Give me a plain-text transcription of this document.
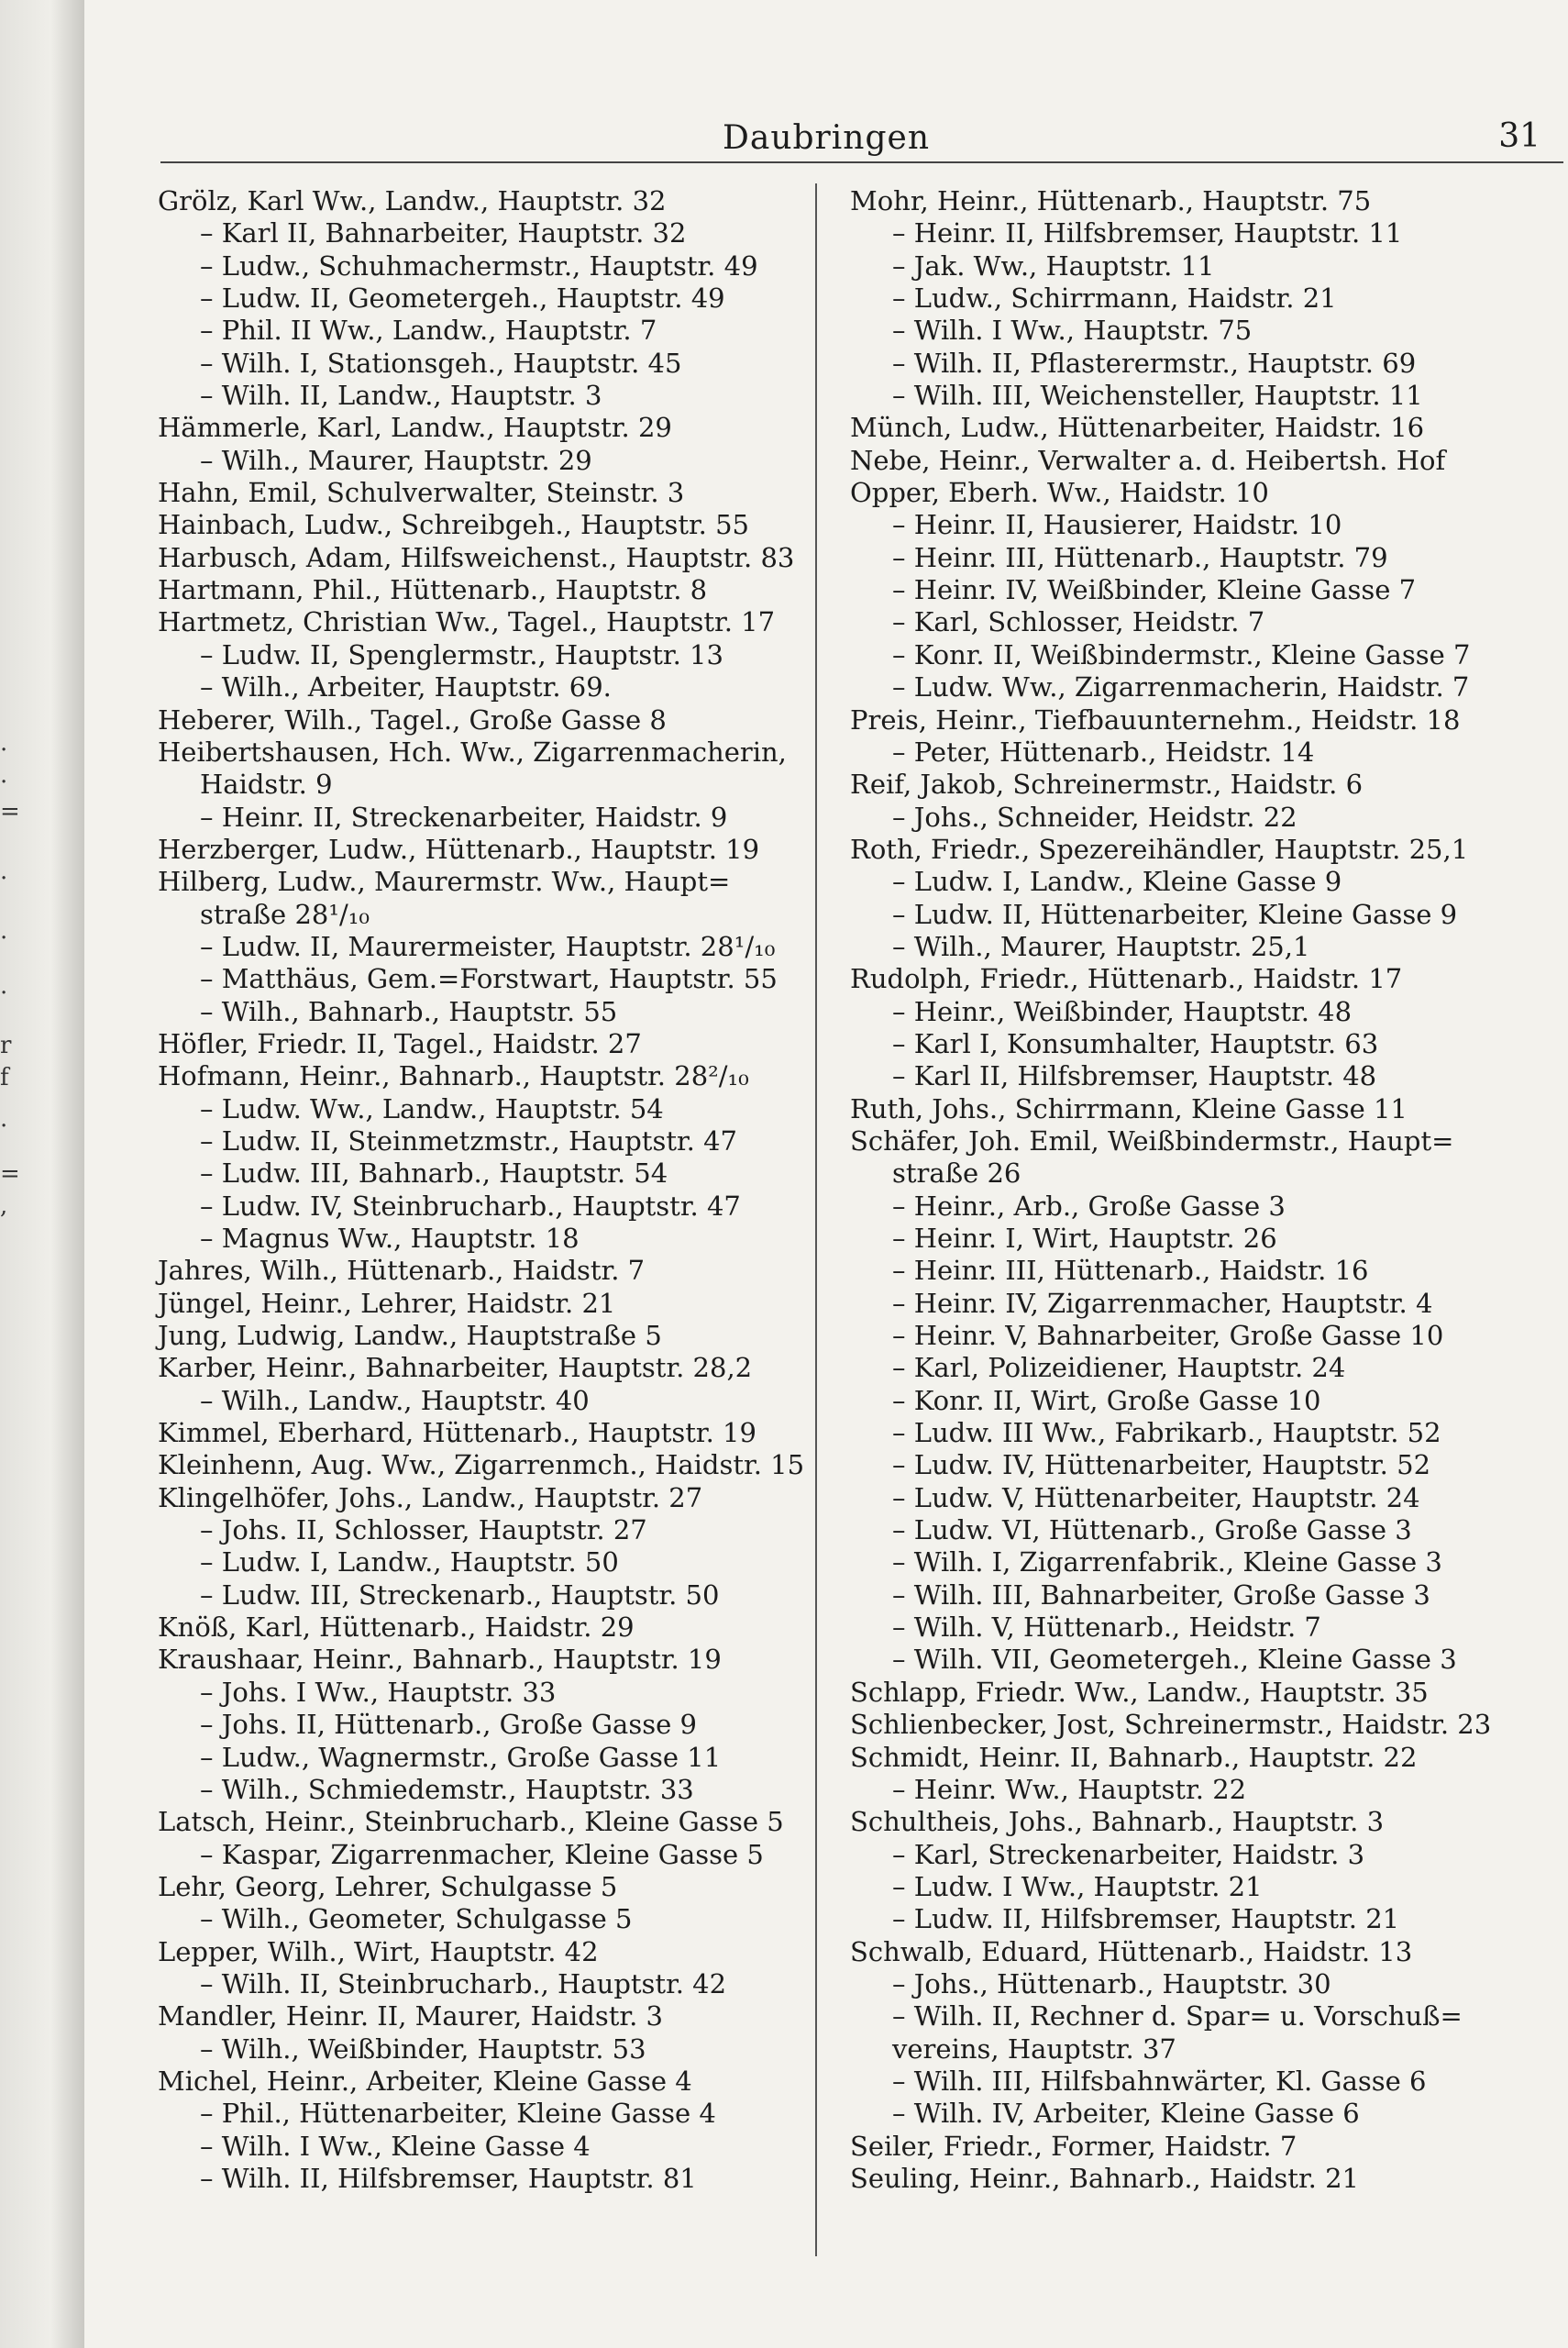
.
.
=
.
.
.
r
f
.
=
,
Daubringen	31
Grölz, Karl Ww., Landw., Hauptstr. 32
– Karl II, Bahnarbeiter, Hauptstr. 32
– Ludw., Schuhmachermstr., Hauptstr. 49
– Ludw. II, Geometergeh., Hauptstr. 49
– Phil. II Ww., Landw., Hauptstr. 7
– Wilh. I, Stationsgeh., Hauptstr. 45
– Wilh. II, Landw., Hauptstr. 3
Hämmerle, Karl, Landw., Hauptstr. 29
– Wilh., Maurer, Hauptstr. 29
Hahn, Emil, Schulverwalter, Steinstr. 3
Hainbach, Ludw., Schreibgeh., Hauptstr. 55
Harbusch, Adam, Hilfsweichenst., Hauptstr. 83
Hartmann, Phil., Hüttenarb., Hauptstr. 8
Hartmetz, Christian Ww., Tagel., Hauptstr. 17
– Ludw. II, Spenglermstr., Hauptstr. 13
– Wilh., Arbeiter, Hauptstr. 69.
Heberer, Wilh., Tagel., Große Gasse 8
Heibertshausen, Hch. Ww., Zigarrenmacherin,
Haidstr. 9
– Heinr. II, Streckenarbeiter, Haidstr. 9
Herzberger, Ludw., Hüttenarb., Hauptstr. 19
Hilberg, Ludw., Maurermstr. Ww., Haupt=
straße 28¹/₁₀
– Ludw. II, Maurermeister, Hauptstr. 28¹/₁₀
– Matthäus, Gem.=Forstwart, Hauptstr. 55
– Wilh., Bahnarb., Hauptstr. 55
Höfler, Friedr. II, Tagel., Haidstr. 27
Hofmann, Heinr., Bahnarb., Hauptstr. 28²/₁₀
– Ludw. Ww., Landw., Hauptstr. 54
– Ludw. II, Steinmetzmstr., Hauptstr. 47
– Ludw. III, Bahnarb., Hauptstr. 54
– Ludw. IV, Steinbrucharb., Hauptstr. 47
– Magnus Ww., Hauptstr. 18
Jahres, Wilh., Hüttenarb., Haidstr. 7
Jüngel, Heinr., Lehrer, Haidstr. 21
Jung, Ludwig, Landw., Hauptstraße 5
Karber, Heinr., Bahnarbeiter, Hauptstr. 28,2
– Wilh., Landw., Hauptstr. 40
Kimmel, Eberhard, Hüttenarb., Hauptstr. 19
Kleinhenn, Aug. Ww., Zigarrenmch., Haidstr. 15
Klingelhöfer, Johs., Landw., Hauptstr. 27
– Johs. II, Schlosser, Hauptstr. 27
– Ludw. I, Landw., Hauptstr. 50
– Ludw. III, Streckenarb., Hauptstr. 50
Knöß, Karl, Hüttenarb., Haidstr. 29
Kraushaar, Heinr., Bahnarb., Hauptstr. 19
– Johs. I Ww., Hauptstr. 33
– Johs. II, Hüttenarb., Große Gasse 9
– Ludw., Wagnermstr., Große Gasse 11
– Wilh., Schmiedemstr., Hauptstr. 33
Latsch, Heinr., Steinbrucharb., Kleine Gasse 5
– Kaspar, Zigarrenmacher, Kleine Gasse 5
Lehr, Georg, Lehrer, Schulgasse 5
– Wilh., Geometer, Schulgasse 5
Lepper, Wilh., Wirt, Hauptstr. 42
– Wilh. II, Steinbrucharb., Hauptstr. 42
Mandler, Heinr. II, Maurer, Haidstr. 3
– Wilh., Weißbinder, Hauptstr. 53
Michel, Heinr., Arbeiter, Kleine Gasse 4
– Phil., Hüttenarbeiter, Kleine Gasse 4
– Wilh. I Ww., Kleine Gasse 4
– Wilh. II, Hilfsbremser, Hauptstr. 81
Mohr, Heinr., Hüttenarb., Hauptstr. 75
– Heinr. II, Hilfsbremser, Hauptstr. 11
– Jak. Ww., Hauptstr. 11
– Ludw., Schirrmann, Haidstr. 21
– Wilh. I Ww., Hauptstr. 75
– Wilh. II, Pflasterermstr., Hauptstr. 69
– Wilh. III, Weichensteller, Hauptstr. 11
Münch, Ludw., Hüttenarbeiter, Haidstr. 16
Nebe, Heinr., Verwalter a. d. Heibertsh. Hof
Opper, Eberh. Ww., Haidstr. 10
– Heinr. II, Hausierer, Haidstr. 10
– Heinr. III, Hüttenarb., Hauptstr. 79
– Heinr. IV, Weißbinder, Kleine Gasse 7
– Karl, Schlosser, Heidstr. 7
– Konr. II, Weißbindermstr., Kleine Gasse 7
– Ludw. Ww., Zigarrenmacherin, Haidstr. 7
Preis, Heinr., Tiefbauunternehm., Heidstr. 18
– Peter, Hüttenarb., Heidstr. 14
Reif, Jakob, Schreinermstr., Haidstr. 6
– Johs., Schneider, Heidstr. 22
Roth, Friedr., Spezereihändler, Hauptstr. 25,1
– Ludw. I, Landw., Kleine Gasse 9
– Ludw. II, Hüttenarbeiter, Kleine Gasse 9
– Wilh., Maurer, Hauptstr. 25,1
Rudolph, Friedr., Hüttenarb., Haidstr. 17
– Heinr., Weißbinder, Hauptstr. 48
– Karl I, Konsumhalter, Hauptstr. 63
– Karl II, Hilfsbremser, Hauptstr. 48
Ruth, Johs., Schirrmann, Kleine Gasse 11
Schäfer, Joh. Emil, Weißbindermstr., Haupt=
straße 26
– Heinr., Arb., Große Gasse 3
– Heinr. I, Wirt, Hauptstr. 26
– Heinr. III, Hüttenarb., Haidstr. 16
– Heinr. IV, Zigarrenmacher, Hauptstr. 4
– Heinr. V, Bahnarbeiter, Große Gasse 10
– Karl, Polizeidiener, Hauptstr. 24
– Konr. II, Wirt, Große Gasse 10
– Ludw. III Ww., Fabrikarb., Hauptstr. 52
– Ludw. IV, Hüttenarbeiter, Hauptstr. 52
– Ludw. V, Hüttenarbeiter, Hauptstr. 24
– Ludw. VI, Hüttenarb., Große Gasse 3
– Wilh. I, Zigarrenfabrik., Kleine Gasse 3
– Wilh. III, Bahnarbeiter, Große Gasse 3
– Wilh. V, Hüttenarb., Heidstr. 7
– Wilh. VII, Geometergeh., Kleine Gasse 3
Schlapp, Friedr. Ww., Landw., Hauptstr. 35
Schlienbecker, Jost, Schreinermstr., Haidstr. 23
Schmidt, Heinr. II, Bahnarb., Hauptstr. 22
– Heinr. Ww., Hauptstr. 22
Schultheis, Johs., Bahnarb., Hauptstr. 3
– Karl, Streckenarbeiter, Haidstr. 3
– Ludw. I Ww., Hauptstr. 21
– Ludw. II, Hilfsbremser, Hauptstr. 21
Schwalb, Eduard, Hüttenarb., Haidstr. 13
– Johs., Hüttenarb., Hauptstr. 30
– Wilh. II, Rechner d. Spar= u. Vorschuß=
vereins, Hauptstr. 37
– Wilh. III, Hilfsbahnwärter, Kl. Gasse 6
– Wilh. IV, Arbeiter, Kleine Gasse 6
Seiler, Friedr., Former, Haidstr. 7
Seuling, Heinr., Bahnarb., Haidstr. 21
